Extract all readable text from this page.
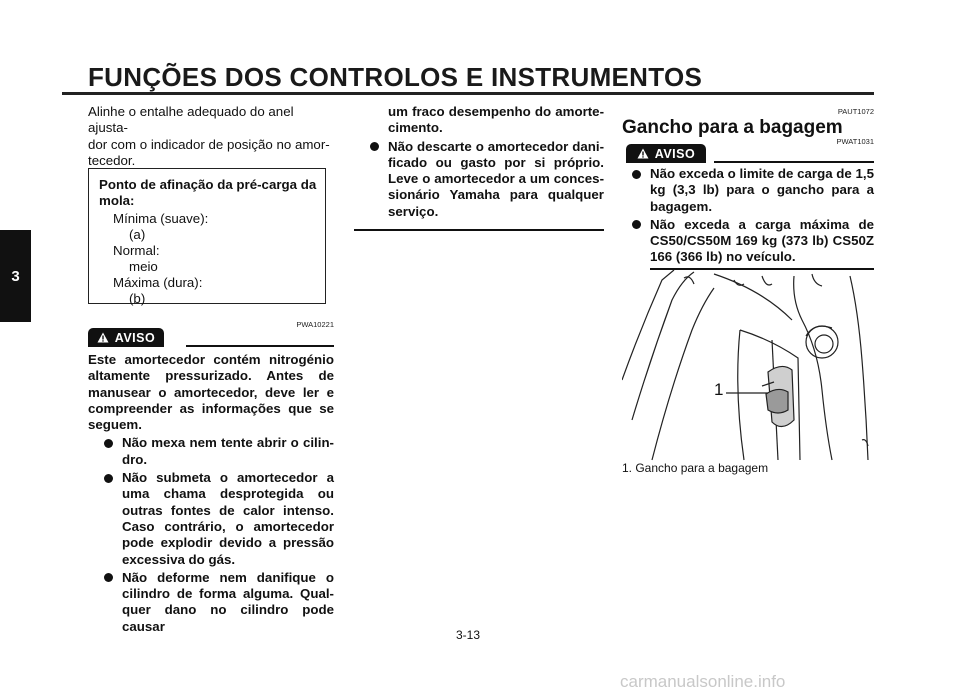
FUNÇÕES DOS CONTROLOS E INSTRUMENTOS
3
Alinhe o entalhe adequado do anel ajusta-
dor com o indicador de posição no amor-
tecedor.
Ponto de afinação da pré-carga da mola:
Mínima (suave):
(a)
Normal:
meio
Máxima (dura):
(b)
PWA10221
AVISO
Este amortecedor contém nitrogénio altamente pressurizado. Antes de manusear o amortecedor, deve ler e compreender as informações que se seguem.
Não mexa nem tente abrir o cilin-dro.
Não submeta o amortecedor a uma chama desprotegida ou outras fontes de calor intenso. Caso contrário, o amortecedor pode explodir devido a pressão excessiva do gás.
Não deforme nem danifique o cilindro de forma alguma. Qual-quer dano no cilindro pode causar
um fraco desempenho do amorte-cimento.
Não descarte o amortecedor dani-ficado ou gasto por si próprio. Leve o amortecedor a um conces-sionário Yamaha para qualquer serviço.
PAUT1072
Gancho para a bagagem
PWAT1031
AVISO
Não exceda o limite de carga de 1,5 kg (3,3 lb) para o gancho para a bagagem.
Não exceda a carga máxima de CS50/CS50M 169 kg (373 lb) CS50Z 166 (366 lb) no veículo.
1
1. Gancho para a bagagem
3-13
carmanualsonline.info
